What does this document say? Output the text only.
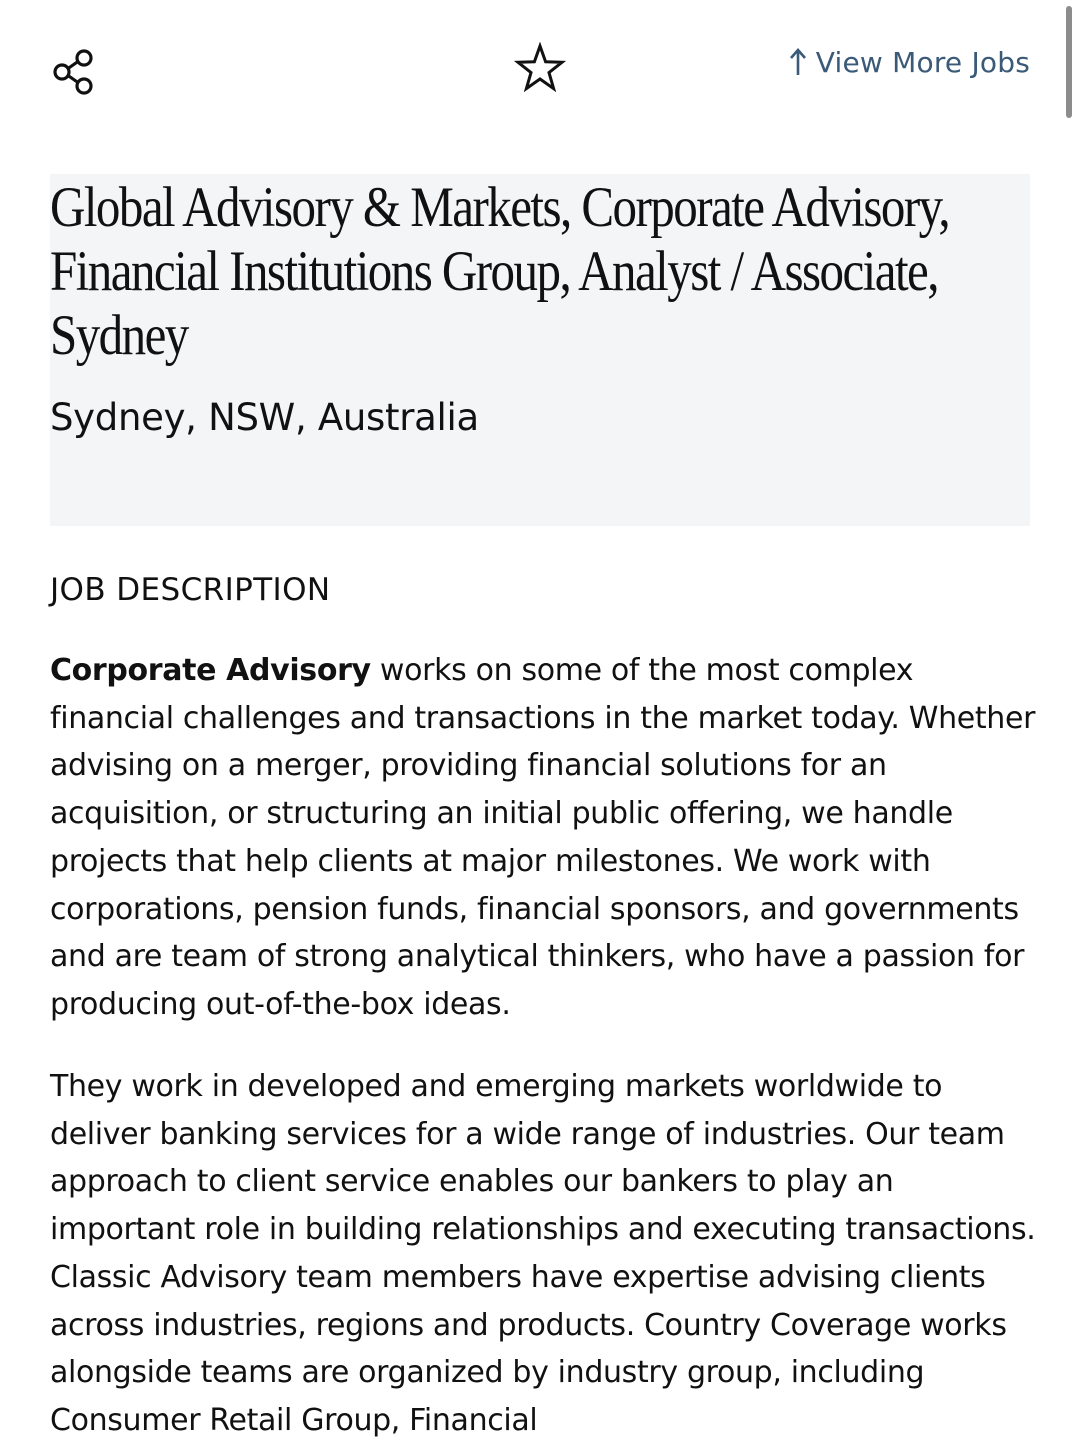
View More Jobs
Global Advisory & Markets, Corporate Advisory, Financial Institutions Group, Analyst / Associate, Sydney
Sydney, NSW, Australia
JOB DESCRIPTION

Corporate Advisory works on some of the most complex financial challenges and transactions in the market today. Whether advising on a merger, providing financial solutions for an acquisition, or structuring an initial public offering, we handle projects that help clients at major milestones. We work with corporations, pension funds, financial sponsors, and governments and are team of strong analytical thinkers, who have a passion for producing out-of-the-box ideas.

They work in developed and emerging markets worldwide to deliver banking services for a wide range of industries. Our team approach to client service enables our bankers to play an important role in building relationships and executing transactions. Classic Advisory team members have expertise advising clients across industries, regions and products. Country Coverage works alongside teams are organized by industry group, including Consumer Retail Group, Financial
